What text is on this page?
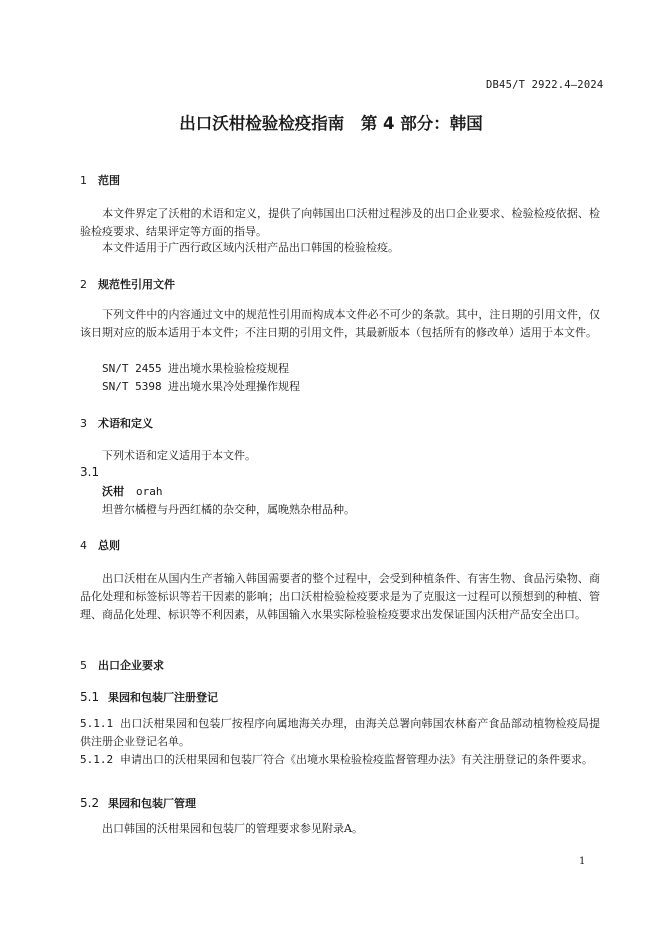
DB45/T 2922.4—2024
出口沃柑检验检疫指南　第 4 部分：韩国
1 范围
本文件界定了沃柑的术语和定义，提供了向韩国出口沃柑过程涉及的出口企业要求、检验检疫依据、检验检疫要求、结果评定等方面的指导。
本文件适用于广西行政区域内沃柑产品出口韩国的检验检疫。
2 规范性引用文件
下列文件中的内容通过文中的规范性引用而构成本文件必不可少的条款。其中，注日期的引用文件，仅该日期对应的版本适用于本文件；不注日期的引用文件，其最新版本（包括所有的修改单）适用于本文件。
SN/T 2455 进出境水果检验检疫规程
SN/T 5398 进出境水果冷处理操作规程
3 术语和定义
下列术语和定义适用于本文件。
3.1
沃柑 orah
坦普尔橘橙与丹西红橘的杂交种，属晚熟杂柑品种。
4 总则
出口沃柑在从国内生产者输入韩国需要者的整个过程中，会受到种植条件、有害生物、食品污染物、商品化处理和标签标识等若干因素的影响；出口沃柑检验检疫要求是为了克服这一过程可以预想到的种植、管理、商品化处理、标识等不利因素，从韩国输入水果实际检验检疫要求出发保证国内沃柑产品安全出口。
5 出口企业要求
5.1 果园和包装厂注册登记
5.1.1 出口沃柑果园和包装厂按程序向属地海关办理，由海关总署向韩国农林畜产食品部动植物检疫局提供注册企业登记名单。
5.1.2 申请出口的沃柑果园和包装厂符合《出境水果检验检疫监督管理办法》有关注册登记的条件要求。
5.2 果园和包装厂管理
出口韩国的沃柑果园和包装厂的管理要求参见附录A。
1
